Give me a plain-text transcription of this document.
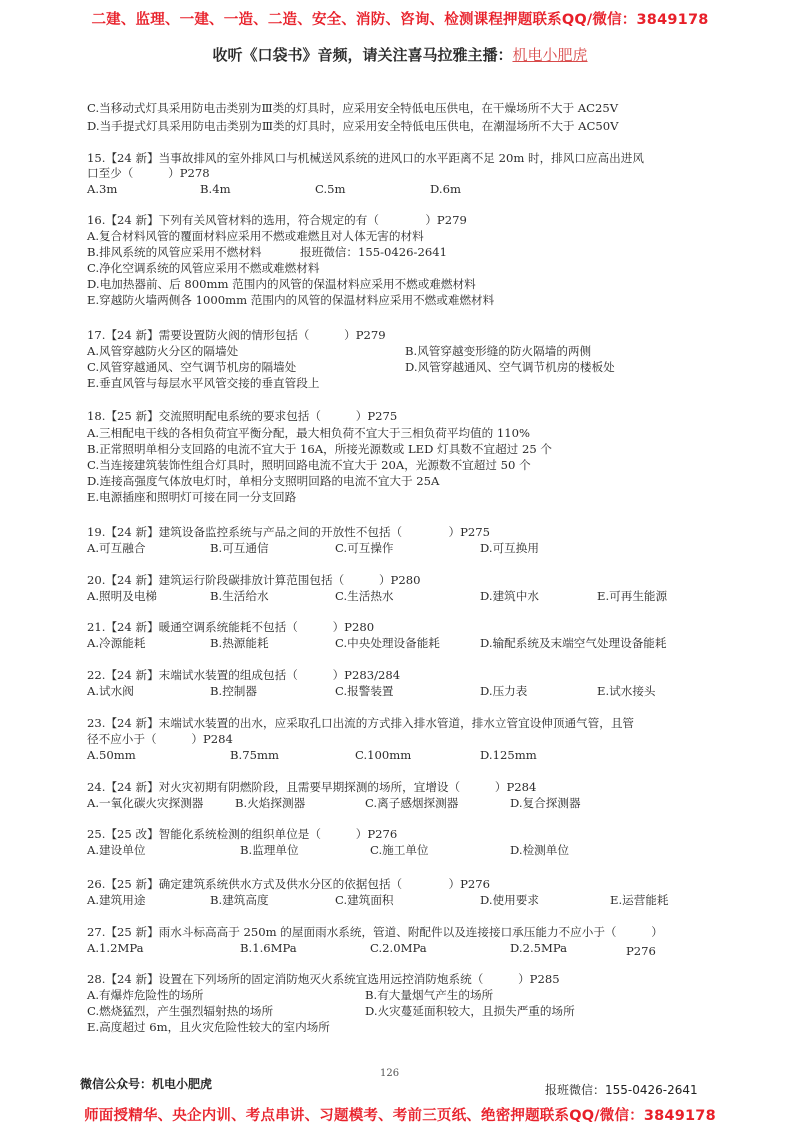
二建、监理、一建、一造、二造、安全、消防、咨询、检测课程押题联系QQ/微信：3849178
收听《口袋书》音频，请关注喜马拉雅主播：机电小肥虎
C.当移动式灯具采用防电击类别为Ⅲ类的灯具时，应采用安全特低电压供电，在干燥场所不大于 AC25V
D.当手提式灯具采用防电击类别为Ⅲ类的灯具时，应采用安全特低电压供电，在潮湿场所不大于 AC50V
15.【24 新】当事故排风的室外排风口与机械送风系统的进风口的水平距离不足 20m 时，排风口应高出进风
口至少（　　　）P278
A.3m	B.4m	C.5m	D.6m
16.【24 新】下列有关风管材料的选用，符合规定的有（　　　　）P279
A.复合材料风管的覆面材料应采用不燃或难燃且对人体无害的材料
B.排风系统的风管应采用不燃材料	报班微信：155-0426-2641
C.净化空调系统的风管应采用不燃或难燃材料
D.电加热器前、后 800mm 范围内的风管的保温材料应采用不燃或难燃材料
E.穿越防火墙两侧各 1000mm 范围内的风管的保温材料应采用不燃或难燃材料
17.【24 新】需要设置防火阀的情形包括（　　　）P279
A.风管穿越防火分区的隔墙处	B.风管穿越变形缝的防火隔墙的两侧
C.风管穿越通风、空气调节机房的隔墙处	D.风管穿越通风、空气调节机房的楼板处
E.垂直风管与每层水平风管交接的垂直管段上
18.【25 新】交流照明配电系统的要求包括（　　　）P275
A.三相配电干线的各相负荷宜平衡分配，最大相负荷不宜大于三相负荷平均值的 110%
B.正常照明单相分支回路的电流不宜大于 16A，所接光源数或 LED 灯具数不宜超过 25 个
C.当连接建筑装饰性组合灯具时，照明回路电流不宜大于 20A，光源数不宜超过 50 个
D.连接高强度气体放电灯时，单相分支照明回路的电流不宜大于 25A
E.电源插座和照明灯可接在同一分支回路
19.【24 新】建筑设备监控系统与产品之间的开放性不包括（　　　　）P275
A.可互融合	B.可互通信	C.可互操作	D.可互换用
20.【24 新】建筑运行阶段碳排放计算范围包括（　　　）P280
A.照明及电梯	B.生活给水	C.生活热水	D.建筑中水	E.可再生能源
21.【24 新】暖通空调系统能耗不包括（　　　）P280
A.冷源能耗	B.热源能耗	C.中央处理设备能耗	D.输配系统及末端空气处理设备能耗
22.【24 新】末端试水装置的组成包括（　　　）P283/284
A.试水阀	B.控制器	C.报警装置	D.压力表	E.试水接头
23.【24 新】末端试水装置的出水，应采取孔口出流的方式排入排水管道，排水立管宜设伸顶通气管，且管
径不应小于（　　　）P284
A.50mm	B.75mm	C.100mm	D.125mm
24.【24 新】对火灾初期有阴燃阶段，且需要早期探测的场所，宜增设（　　　）P284
A.一氧化碳火灾探测器	B.火焰探测器	C.离子感烟探测器	D.复合探测器
25.【25 改】智能化系统检测的组织单位是（　　　）P276
A.建设单位	B.监理单位	C.施工单位	D.检测单位
26.【25 新】确定建筑系统供水方式及供水分区的依据包括（　　　　）P276
A.建筑用途	B.建筑高度	C.建筑面积	D.使用要求	E.运营能耗
27.【25 新】雨水斗标高高于 250m 的屋面雨水系统，管道、附配件以及连接接口承压能力不应小于（　　　）
A.1.2MPa	B.1.6MPa	C.2.0MPa	D.2.5MPa	P276
28.【24 新】设置在下列场所的固定消防炮灭火系统宜选用远控消防炮系统（　　　）P285
A.有爆炸危险性的场所	B.有大量烟气产生的场所
C.燃烧猛烈，产生强烈辐射热的场所	D.火灾蔓延面积较大，且损失严重的场所
E.高度超过 6m，且火灾危险性较大的室内场所
微信公众号：机电小肥虎
126
报班微信：155-0426-2641
师面授精华、央企内训、考点串讲、习题模考、考前三页纸、绝密押题联系QQ/微信：3849178
